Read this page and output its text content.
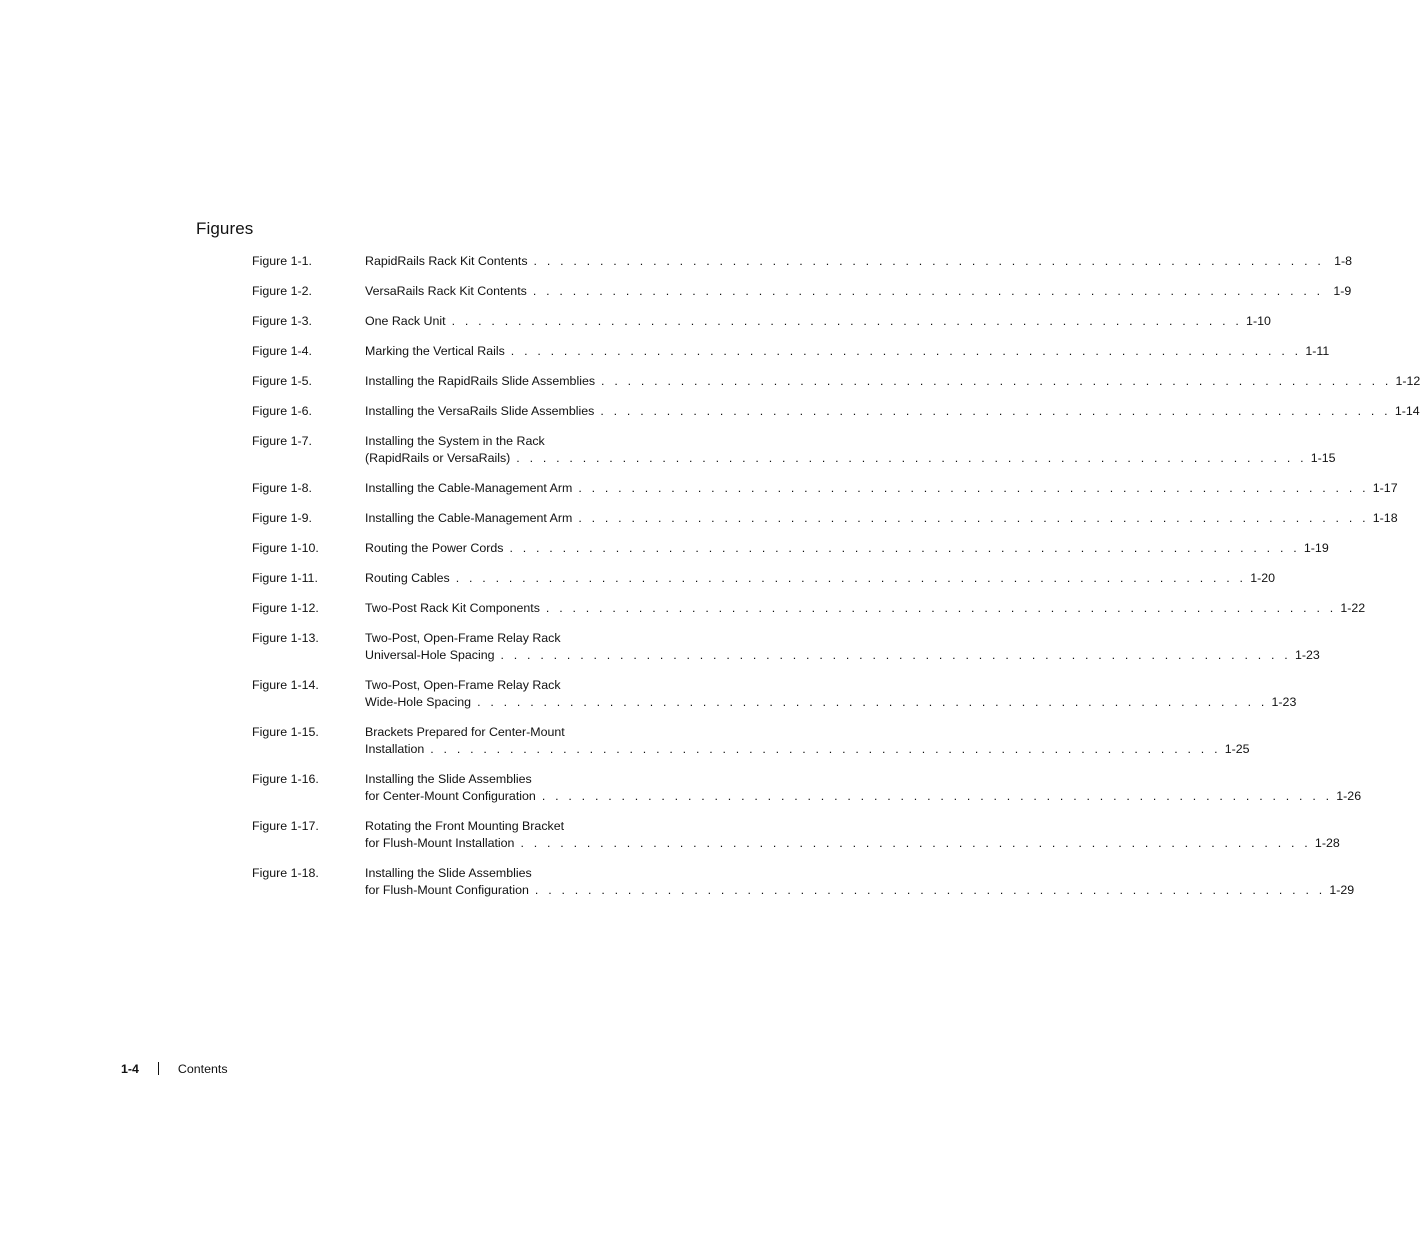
Figures
Figure 1-1.	RapidRails Rack Kit Contents . . . . . . . . . . . . . . . . . . . . . . . . . . . . . . . . . . . . . . . . . . . . . . . . . . . . . . . . . . . . 1-8
Figure 1-2.	VersaRails Rack Kit Contents . . . . . . . . . . . . . . . . . . . . . . . . . . . . . . . . . . . . . . . . . . . . . . . . . . . . . . . . . . . . 1-9
Figure 1-3.	One Rack Unit . . . . . . . . . . . . . . . . . . . . . . . . . . . . . . . . . . . . . . . . . . . . . . . . . . . . . . . . . . . . 1-10
Figure 1-4.	Marking the Vertical Rails . . . . . . . . . . . . . . . . . . . . . . . . . . . . . . . . . . . . . . . . . . . . . . . . . . . . . . . . . . . . 1-11
Figure 1-5.	Installing the RapidRails Slide Assemblies . . . . . . . . . . . . . . . . . . . . . . . . . . . . . . . . . . . . . . . . . . . . . . . . . . . . . . . . . . . . 1-12
Figure 1-6.	Installing the VersaRails Slide Assemblies . . . . . . . . . . . . . . . . . . . . . . . . . . . . . . . . . . . . . . . . . . . . . . . . . . . . . . . . . . . . 1-14
Figure 1-7.	Installing the System in the Rack
(RapidRails or VersaRails) . . . . . . . . . . . . . . . . . . . . . . . . . . . . . . . . . . . . . . . . . . . . . . . . . . . . . . . . . . . . 1-15
Figure 1-8.	Installing the Cable-Management Arm . . . . . . . . . . . . . . . . . . . . . . . . . . . . . . . . . . . . . . . . . . . . . . . . . . . . . . . . . . . . 1-17
Figure 1-9.	Installing the Cable-Management Arm . . . . . . . . . . . . . . . . . . . . . . . . . . . . . . . . . . . . . . . . . . . . . . . . . . . . . . . . . . . . 1-18
Figure 1-10.	Routing the Power Cords . . . . . . . . . . . . . . . . . . . . . . . . . . . . . . . . . . . . . . . . . . . . . . . . . . . . . . . . . . . . 1-19
Figure 1-11.	Routing Cables . . . . . . . . . . . . . . . . . . . . . . . . . . . . . . . . . . . . . . . . . . . . . . . . . . . . . . . . . . . . 1-20
Figure 1-12.	Two-Post Rack Kit Components . . . . . . . . . . . . . . . . . . . . . . . . . . . . . . . . . . . . . . . . . . . . . . . . . . . . . . . . . . . . 1-22
Figure 1-13.	Two-Post, Open-Frame Relay Rack
Universal-Hole Spacing . . . . . . . . . . . . . . . . . . . . . . . . . . . . . . . . . . . . . . . . . . . . . . . . . . . . . . . . . . . . 1-23
Figure 1-14.	Two-Post, Open-Frame Relay Rack
Wide-Hole Spacing . . . . . . . . . . . . . . . . . . . . . . . . . . . . . . . . . . . . . . . . . . . . . . . . . . . . . . . . . . . . 1-23
Figure 1-15.	Brackets Prepared for Center-Mount
Installation . . . . . . . . . . . . . . . . . . . . . . . . . . . . . . . . . . . . . . . . . . . . . . . . . . . . . . . . . . . . 1-25
Figure 1-16.	Installing the Slide Assemblies
for Center-Mount Configuration . . . . . . . . . . . . . . . . . . . . . . . . . . . . . . . . . . . . . . . . . . . . . . . . . . . . . . . . . . . . 1-26
Figure 1-17.	Rotating the Front Mounting Bracket
for Flush-Mount Installation . . . . . . . . . . . . . . . . . . . . . . . . . . . . . . . . . . . . . . . . . . . . . . . . . . . . . . . . . . . . 1-28
Figure 1-18.	Installing the Slide Assemblies
for Flush-Mount Configuration . . . . . . . . . . . . . . . . . . . . . . . . . . . . . . . . . . . . . . . . . . . . . . . . . . . . . . . . . . . . 1-29
1-4	Contents
